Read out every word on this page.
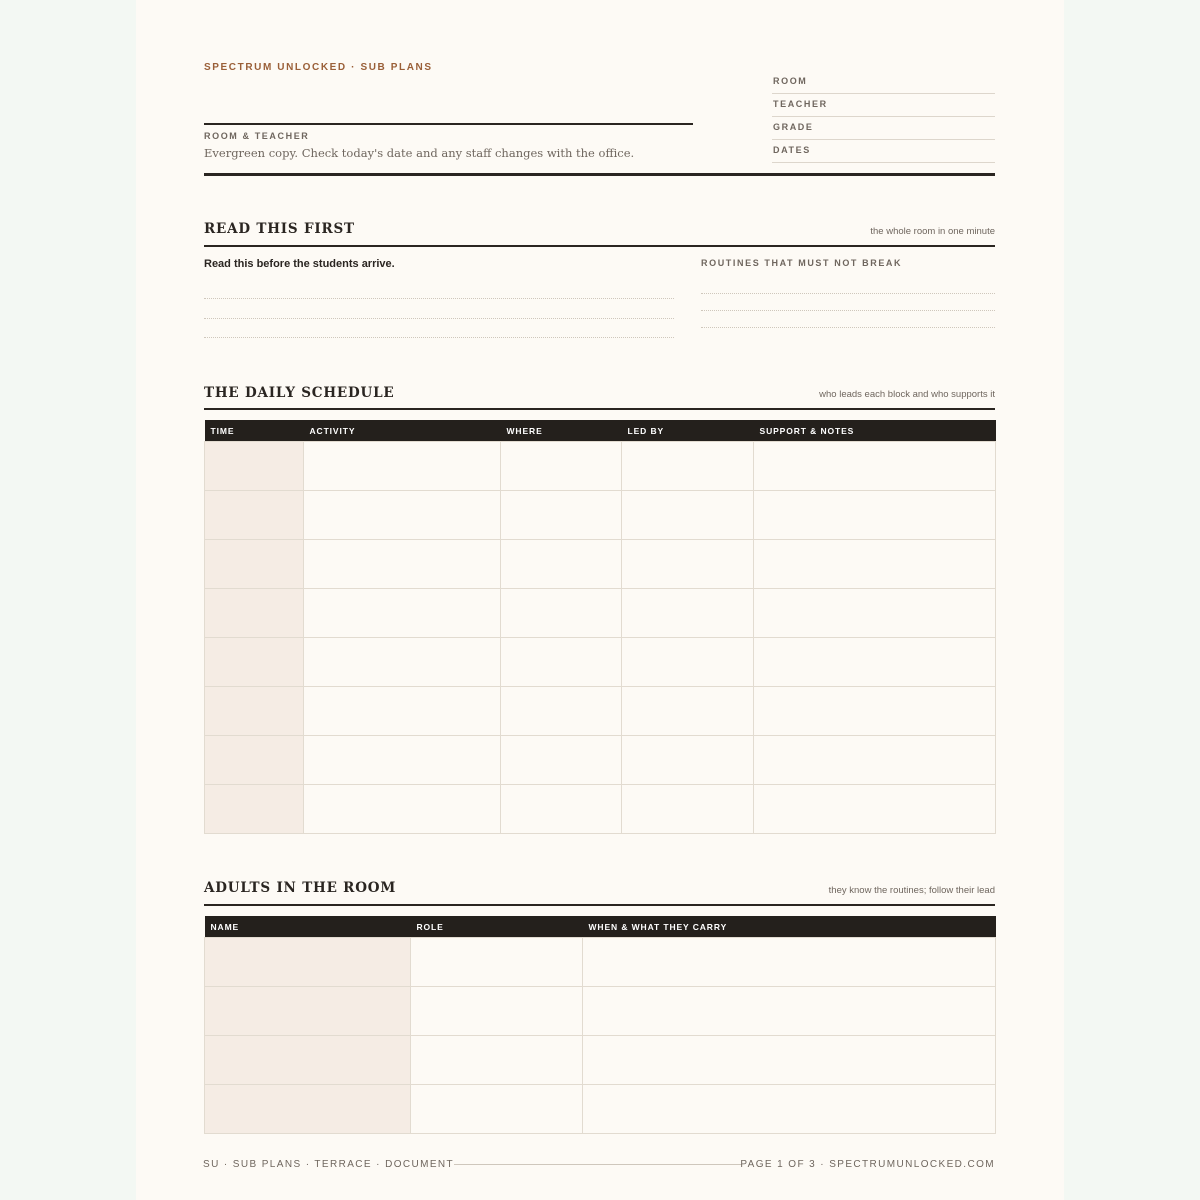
SPECTRUM UNLOCKED · SUB PLANS
ROOM & TEACHER
Evergreen copy. Check today's date and any staff changes with the office.
ROOM
TEACHER
GRADE
DATES
READ THIS FIRST	the whole room in one minute
Read this before the students arrive.	ROUTINES THAT MUST NOT BREAK
THE DAILY SCHEDULE	who leads each block and who supports it
TIME	ACTIVITY	WHERE	LED BY	SUPPORT & NOTES

ADULTS IN THE ROOM	they know the routines; follow their lead
NAME	ROLE	WHEN & WHAT THEY CARRY

SU · SUB PLANS · TERRACE · DOCUMENT	PAGE 1 OF 3 · SPECTRUMUNLOCKED.COM
